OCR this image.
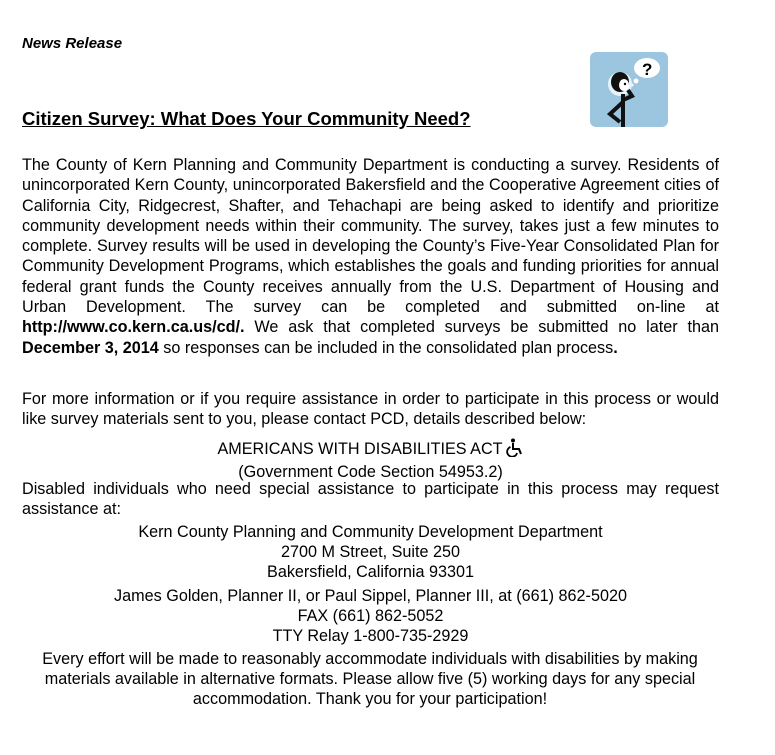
News Release
Citizen Survey: What Does Your Community Need?
?
The County of Kern Planning and Community Department is conducting a survey. Residents of unincorporated Kern County, unincorporated Bakersfield and the Cooperative Agreement cities of California City, Ridgecrest, Shafter, and Tehachapi are being asked to identify and prioritize community development needs within their community. The survey, takes just a few minutes to complete. Survey results will be used in developing the County’s Five-Year Consolidated Plan for Community Development Programs, which establishes the goals and funding priorities for annual federal grant funds the County receives annually from the U.S. Department of Housing and Urban Development. The survey can be completed and submitted on-line at http://www.co.kern.ca.us/cd/. We ask that completed surveys be submitted no later than December 3, 2014 so responses can be included in the consolidated plan process.
For more information or if you require assistance in order to participate in this process or would like survey materials sent to you, please contact PCD, details described below:
AMERICANS WITH DISABILITIES ACT
(Government Code Section 54953.2)
Disabled individuals who need special assistance to participate in this process may request assistance at:
Kern County Planning and Community Development Department
2700 M Street, Suite 250
Bakersfield, California 93301
James Golden, Planner II, or Paul Sippel, Planner III, at (661) 862-5020
FAX (661) 862-5052
TTY Relay 1-800-735-2929
Every effort will be made to reasonably accommodate individuals with disabilities by making materials available in alternative formats. Please allow five (5) working days for any special accommodation. Thank you for your participation!
